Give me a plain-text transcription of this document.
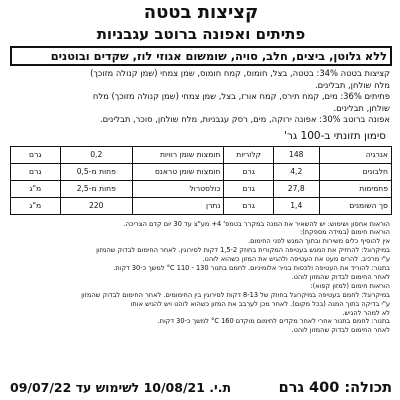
קציצות בטטה
פתיתים ואפונה ברוטב עגבניות
ללא גלוטן, ביצים, חלב, סויה, שומשום אגוזי לוז, שקדים ובוטנים
קציצות בטטה 34%: בטטה, בצל, חומוס, קמח חומוס, שמן צמחי (שמן קנולה מזוכך)
מלח שולחן, תבלינים.
פתיתים 36%: מים, קמח תירס, קמח אורז, בצל, שמן צמחי (שמן קנולה מזוכך) מלח
שולחן, תבלינים.
אפונה ברוטב 30%: אפונה ירוקה, מים, רסק עגבניות, מלח שולחן, סוכר, תבלינים.
סימון תזונתי ב-100 גר'
אנרגיה	148	קלוריות	חומצות שומן רוויות	0,2	גרם
חלבונים	4,2	גרם	חומצות שומן טראנס	פחות מ-0,5	גרם
פחמימות	27,8	גרם	כולסטרול	פחות מ-2,5	מ"ג
סך השומנים	1,4	גרם	נתרן	220	מ"ג
הוראות אחסון ושימוש: יש להשאיר את המנה במקרר בטמפ' 4+ מע"צ עד 30 יום קדם הצריכה.
הוראות חימום (במידה מספקת):
אין להוסיף כלים משירות ובתוך המגש לפני החימום.
במיקרוגל: להחזיק את המגש בעטיפה המקורית בחוזק 1,5-2 דקות לסירוגין. לאחר החימום לבדוק שהמזון
ע"י מרכיב. להרים מעט את העטיפה ולהגיש את המזון כשהוא לוהט.
בתנור: להוריד את העטיפה ולכסות בנייר אלומיניום. לחמם בתנור 130 - 110 C° למשך כ-30 דקות.
לאחר החימום לבדוק שהמזון לוהט.
הוראות חימום (למזון קפוא):
במיקרוגל: לחמם בעטיפה במיקרוגל בחוזק של 8-13 דקות לסירוגין בין החימומים. לאחר החימום לבדוק שהמזון
ע"י בדיקה בתוך המנה (בכל מקום). לאחר מכן לערבב את המזון כשהוא לוהט ויש להגיש אותו
לא למהר להגיש.
בתנור: לחמם בתנור אחרי לאחר מקדים לחימום מוקדם 160 C° למשך כ-30 דקות.
לאחר החימום לבדוק שהמזון לוהט.
תכולה: 400 גרם
ת.י. 10/08/21 לשימוש עד 09/07/22
